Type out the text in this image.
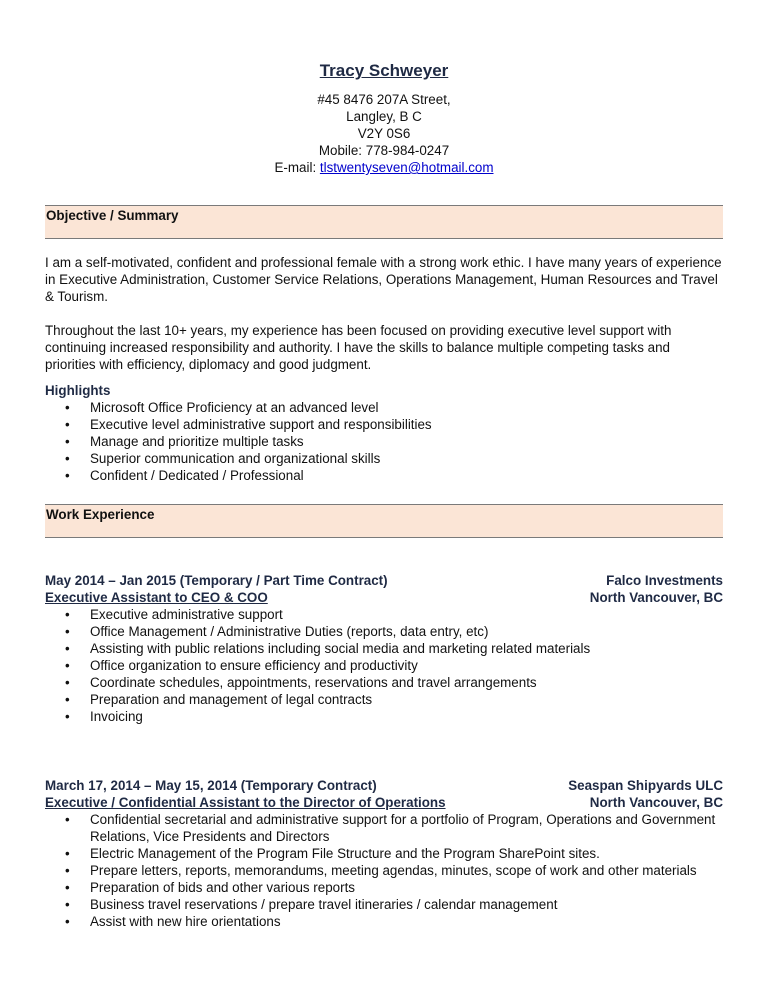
Tracy Schweyer
#45 8476 207A Street,
Langley, B C
V2Y 0S6
Mobile: 778-984-0247
E-mail: tlstwentyseven@hotmail.com
Objective / Summary

I am a self-motivated, confident and professional female with a strong work ethic. I have many years of experience in Executive Administration, Customer Service Relations, Operations Management, Human Resources and Travel & Tourism.

Throughout the last 10+ years, my experience has been focused on providing executive level support with continuing increased responsibility and authority. I have the skills to balance multiple competing tasks and priorities with efficiency, diplomacy and good judgment.

Highlights
• Microsoft Office Proficiency at an advanced level
• Executive level administrative support and responsibilities
• Manage and prioritize multiple tasks
• Superior communication and organizational skills
• Confident / Dedicated / Professional
Work Experience
May 2014 – Jan 2015 (Temporary / Part Time Contract)	Falco Investments
Executive Assistant to CEO & COO	North Vancouver, BC
• Executive administrative support
• Office Management / Administrative Duties (reports, data entry, etc)
• Assisting with public relations including social media and marketing related materials
• Office organization to ensure efficiency and productivity
• Coordinate schedules, appointments, reservations and travel arrangements
• Preparation and management of legal contracts
• Invoicing
March 17, 2014 – May 15, 2014 (Temporary Contract)	Seaspan Shipyards ULC
Executive / Confidential Assistant to the Director of Operations	North Vancouver, BC
• Confidential secretarial and administrative support for a portfolio of Program, Operations and Government Relations, Vice Presidents and Directors
• Electric Management of the Program File Structure and the Program SharePoint sites.
• Prepare letters, reports, memorandums, meeting agendas, minutes, scope of work and other materials
• Preparation of bids and other various reports
• Business travel reservations / prepare travel itineraries / calendar management
• Assist with new hire orientations
